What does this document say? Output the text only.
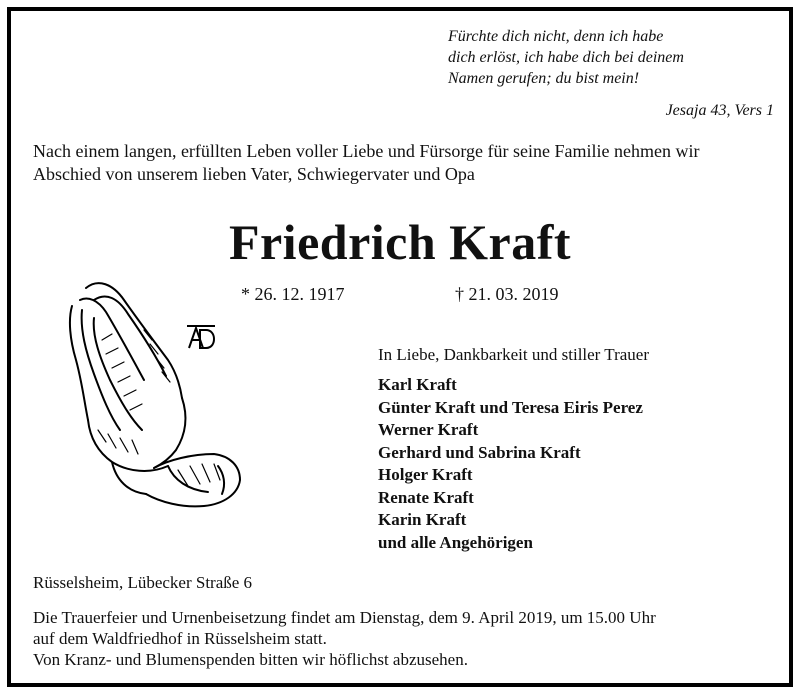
Fürchte dich nicht, denn ich habe
dich erlöst, ich habe dich bei deinem
Namen gerufen; du bist mein!
Jesaja 43, Vers 1
Nach einem langen, erfüllten Leben voller Liebe und Fürsorge für seine Familie nehmen wir
Abschied von unserem lieben Vater, Schwiegervater und Opa
Friedrich Kraft
* 26. 12. 1917	† 21. 03. 2019
In Liebe, Dankbarkeit und stiller Trauer
Karl Kraft
Günter Kraft und Teresa Eiris Perez
Werner Kraft
Gerhard und Sabrina Kraft
Holger Kraft
Renate Kraft
Karin Kraft
und alle Angehörigen
Rüsselsheim, Lübecker Straße 6
Die Trauerfeier und Urnenbeisetzung findet am Dienstag, dem 9. April 2019, um 15.00 Uhr
auf dem Waldfriedhof in Rüsselsheim statt.
Von Kranz- und Blumenspenden bitten wir höflichst abzusehen.
